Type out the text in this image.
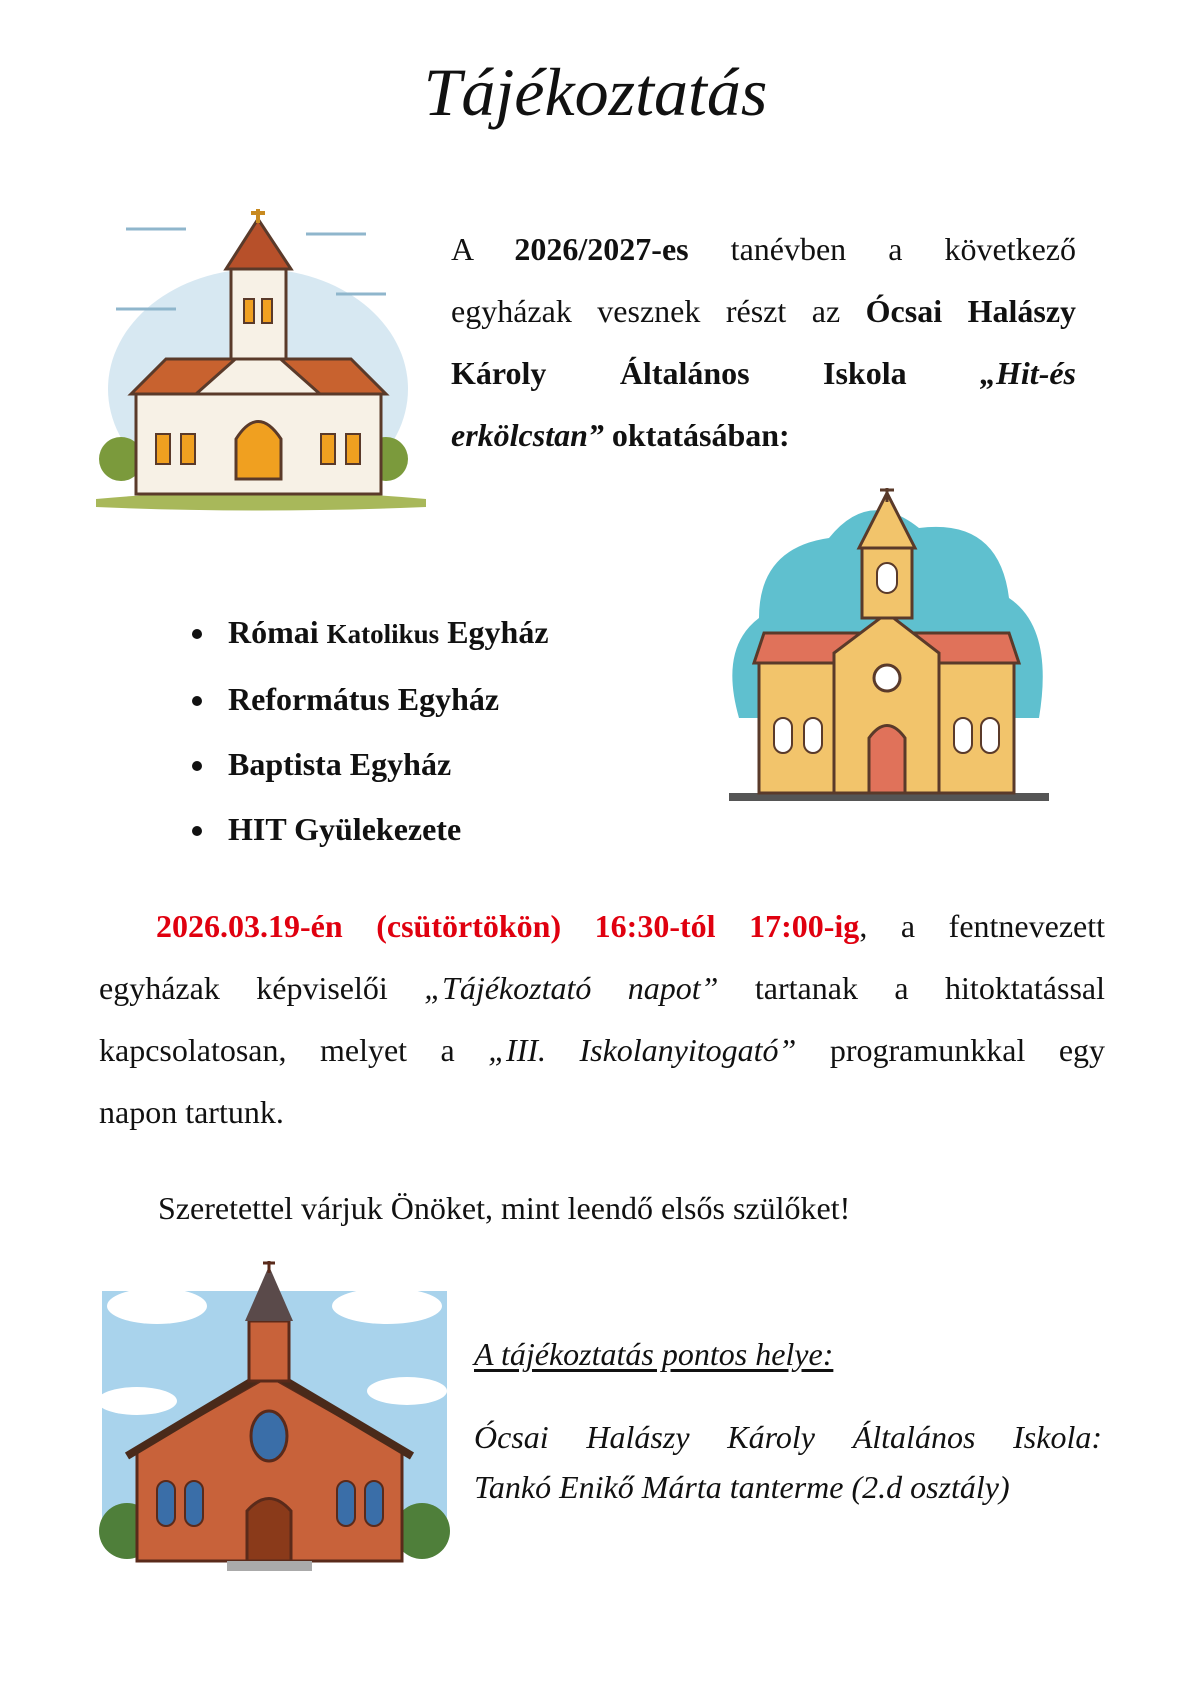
Tájékoztatás
A 2026/2027-es tanévben a következő
egyházak vesznek részt az Ócsai Halászy
Károly Általános Iskola „Hit-és
erkölcstan” oktatásában:
Római Katolikus Egyház
Református Egyház
Baptista Egyház
HIT Gyülekezete
2026.03.19-én (csütörtökön) 16:30-tól 17:00-ig, a fentnevezett
egyházak képviselői „Tájékoztató napot” tartanak a hitoktatással
kapcsolatosan, melyet a „III. Iskolanyitogató” programunkkal egy
napon tartunk.
Szeretettel várjuk Önöket, mint leendő elsős szülőket!
A tájékoztatás pontos helye:
Ócsai Halászy Károly Általános Iskola:
Tankó Enikő Márta tanterme (2.d osztály)
